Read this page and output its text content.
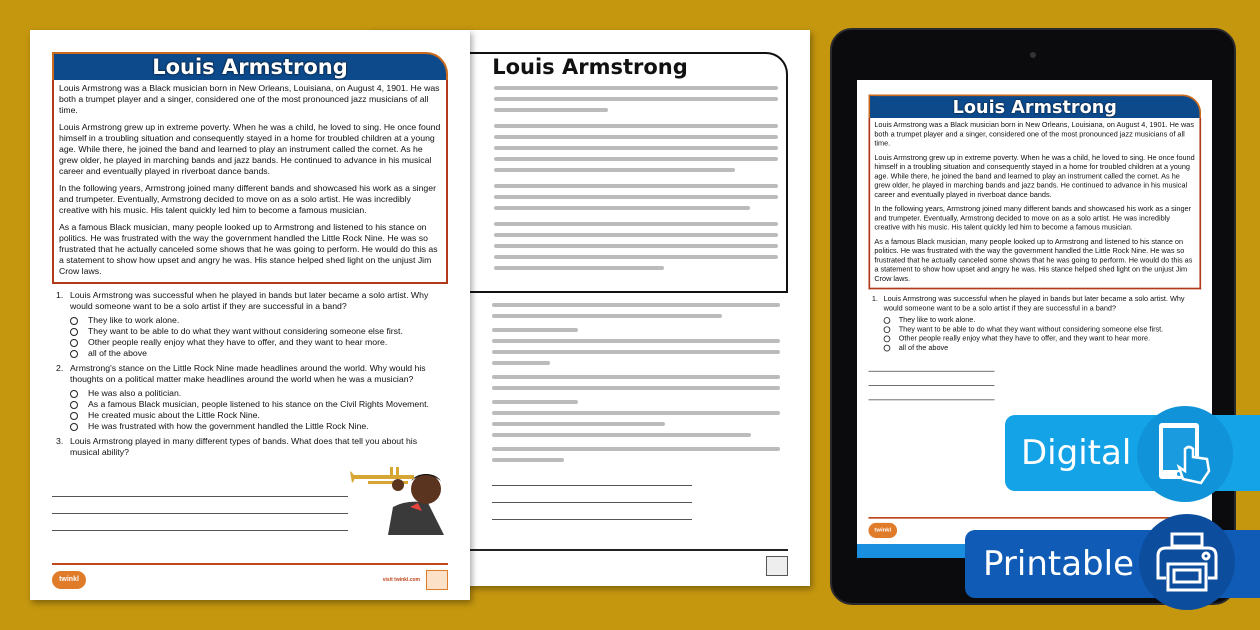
Louis Armstrong
Louis Armstrong

Louis Armstrong was a Black musician born in New Orleans, Louisiana, on August 4, 1901. He was both a trumpet player and a singer, considered one of the most pronounced jazz musicians of all time.

Louis Armstrong grew up in extreme poverty. When he was a child, he loved to sing. He once found himself in a troubling situation and consequently stayed in a home for troubled children at a young age. While there, he joined the band and learned to play an instrument called the cornet. As he grew older, he played in marching bands and jazz bands. He continued to advance in his musical career and eventually played in riverboat dance bands.

In the following years, Armstrong joined many different bands and showcased his work as a singer and trumpeter. Eventually, Armstrong decided to move on as a solo artist. He was incredibly creative with his music. His talent quickly led him to become a famous musician.

As a famous Black musician, many people looked up to Armstrong and listened to his stance on politics. He was frustrated with the way the government handled the Little Rock Nine. He was so frustrated that he actually canceled some shows that he was going to perform. He would do this as a statement to show how upset and angry he was. His stance helped shed light on the unjust Jim Crow laws.

1. Louis Armstrong was successful when he played in bands but later became a solo artist. Why would someone want to be a solo artist if they are successful in a band?
They like to work alone.
They want to be able to do what they want without considering someone else first.
Other people really enjoy what they have to offer, and they want to hear more.
all of the above
2. Armstrong's stance on the Little Rock Nine made headlines around the world. Why would his thoughts on a political matter make headlines around the world when he was a musician?
He was also a politician.
As a famous Black musician, people listened to his stance on the Civil Rights Movement.
He created music about the Little Rock Nine.
He was frustrated with how the government handled the Little Rock Nine.
3. Louis Armstrong played in many different types of bands. What does that tell you about his musical ability?
twinkl	visit twinkl.com
Louis Armstrong

Louis Armstrong was a Black musician born in New Orleans, Louisiana, on August 4, 1901. He was both a trumpet player and a singer, considered one of the most pronounced jazz musicians of all time.

Louis Armstrong grew up in extreme poverty. When he was a child, he loved to sing. He once found himself in a troubling situation and consequently stayed in a home for troubled children at a young age. While there, he joined the band and learned to play an instrument called the cornet. As he grew older, he played in marching bands and jazz bands. He continued to advance in his musical career and eventually played in riverboat dance bands.

In the following years, Armstrong joined many different bands and showcased his work as a singer and trumpeter. Eventually, Armstrong decided to move on as a solo artist. He was incredibly creative with his music. His talent quickly led him to become a famous musician.

As a famous Black musician, many people looked up to Armstrong and listened to his stance on politics. He was frustrated with the way the government handled the Little Rock Nine. He was so frustrated that he actually canceled some shows that he was going to perform. He would do this as a statement to show how upset and angry he was. His stance helped shed light on the unjust Jim Crow laws.

1. Louis Armstrong was successful when he played in bands but later became a solo artist. Why would someone want to be a solo artist if they are successful in a band?
They like to work alone.
They want to be able to do what they want without considering someone else first.
Other people really enjoy what they have to offer, and they want to hear more.
all of the above
twinkl
Digital
Printable
